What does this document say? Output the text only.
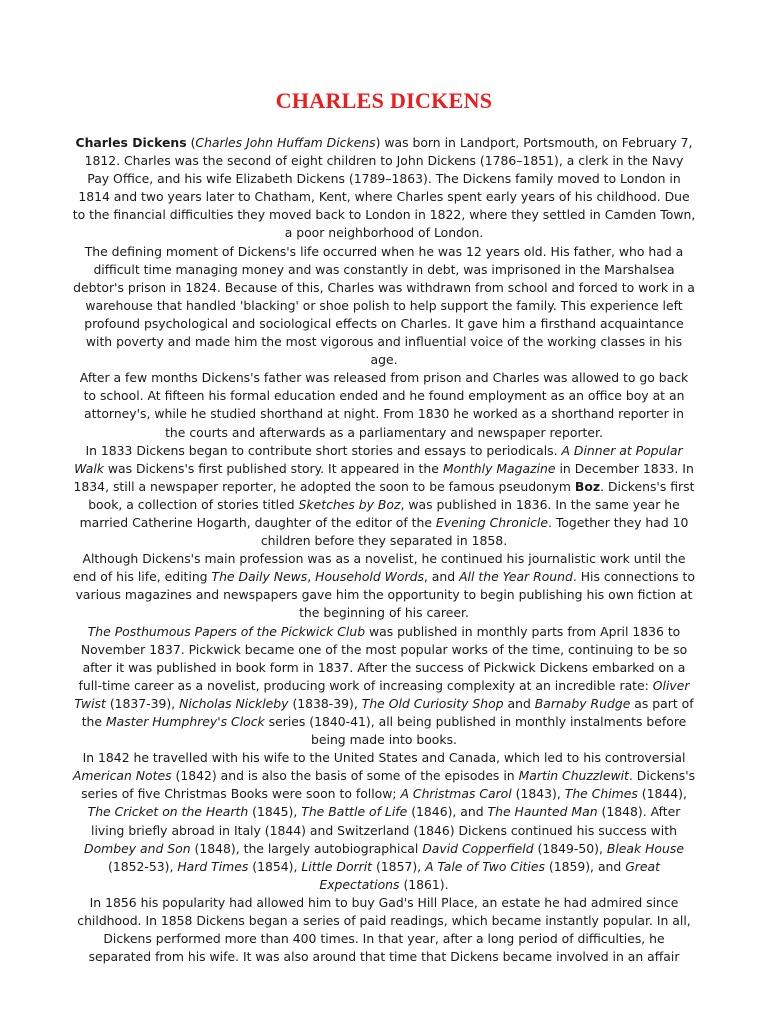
CHARLES DICKENS

Charles Dickens (Charles John Huffam Dickens) was born in Landport, Portsmouth, on February 7, 1812. Charles was the second of eight children to John Dickens (1786–1851), a clerk in the Navy Pay Office, and his wife Elizabeth Dickens (1789–1863). The Dickens family moved to London in 1814 and two years later to Chatham, Kent, where Charles spent early years of his childhood. Due to the financial difficulties they moved back to London in 1822, where they settled in Camden Town, a poor neighborhood of London.

The defining moment of Dickens's life occurred when he was 12 years old. His father, who had a difficult time managing money and was constantly in debt, was imprisoned in the Marshalsea debtor's prison in 1824. Because of this, Charles was withdrawn from school and forced to work in a warehouse that handled 'blacking' or shoe polish to help support the family. This experience left profound psychological and sociological effects on Charles. It gave him a firsthand acquaintance with poverty and made him the most vigorous and influential voice of the working classes in his age.

After a few months Dickens's father was released from prison and Charles was allowed to go back to school. At fifteen his formal education ended and he found employment as an office boy at an attorney's, while he studied shorthand at night. From 1830 he worked as a shorthand reporter in the courts and afterwards as a parliamentary and newspaper reporter.

In 1833 Dickens began to contribute short stories and essays to periodicals. A Dinner at Popular Walk was Dickens's first published story. It appeared in the Monthly Magazine in December 1833. In 1834, still a newspaper reporter, he adopted the soon to be famous pseudonym Boz. Dickens's first book, a collection of stories titled Sketches by Boz, was published in 1836. In the same year he married Catherine Hogarth, daughter of the editor of the Evening Chronicle. Together they had 10 children before they separated in 1858.

Although Dickens's main profession was as a novelist, he continued his journalistic work until the end of his life, editing The Daily News, Household Words, and All the Year Round. His connections to various magazines and newspapers gave him the opportunity to begin publishing his own fiction at the beginning of his career.

The Posthumous Papers of the Pickwick Club was published in monthly parts from April 1836 to November 1837. Pickwick became one of the most popular works of the time, continuing to be so after it was published in book form in 1837. After the success of Pickwick Dickens embarked on a full-time career as a novelist, producing work of increasing complexity at an incredible rate: Oliver Twist (1837-39), Nicholas Nickleby (1838-39), The Old Curiosity Shop and Barnaby Rudge as part of the Master Humphrey's Clock series (1840-41), all being published in monthly instalments before being made into books.

In 1842 he travelled with his wife to the United States and Canada, which led to his controversial American Notes (1842) and is also the basis of some of the episodes in Martin Chuzzlewit. Dickens's series of five Christmas Books were soon to follow; A Christmas Carol (1843), The Chimes (1844), The Cricket on the Hearth (1845), The Battle of Life (1846), and The Haunted Man (1848). After living briefly abroad in Italy (1844) and Switzerland (1846) Dickens continued his success with Dombey and Son (1848), the largely autobiographical David Copperfield (1849-50), Bleak House (1852-53), Hard Times (1854), Little Dorrit (1857), A Tale of Two Cities (1859), and Great Expectations (1861).

In 1856 his popularity had allowed him to buy Gad's Hill Place, an estate he had admired since childhood. In 1858 Dickens began a series of paid readings, which became instantly popular. In all, Dickens performed more than 400 times. In that year, after a long period of difficulties, he separated from his wife. It was also around that time that Dickens became involved in an affair
